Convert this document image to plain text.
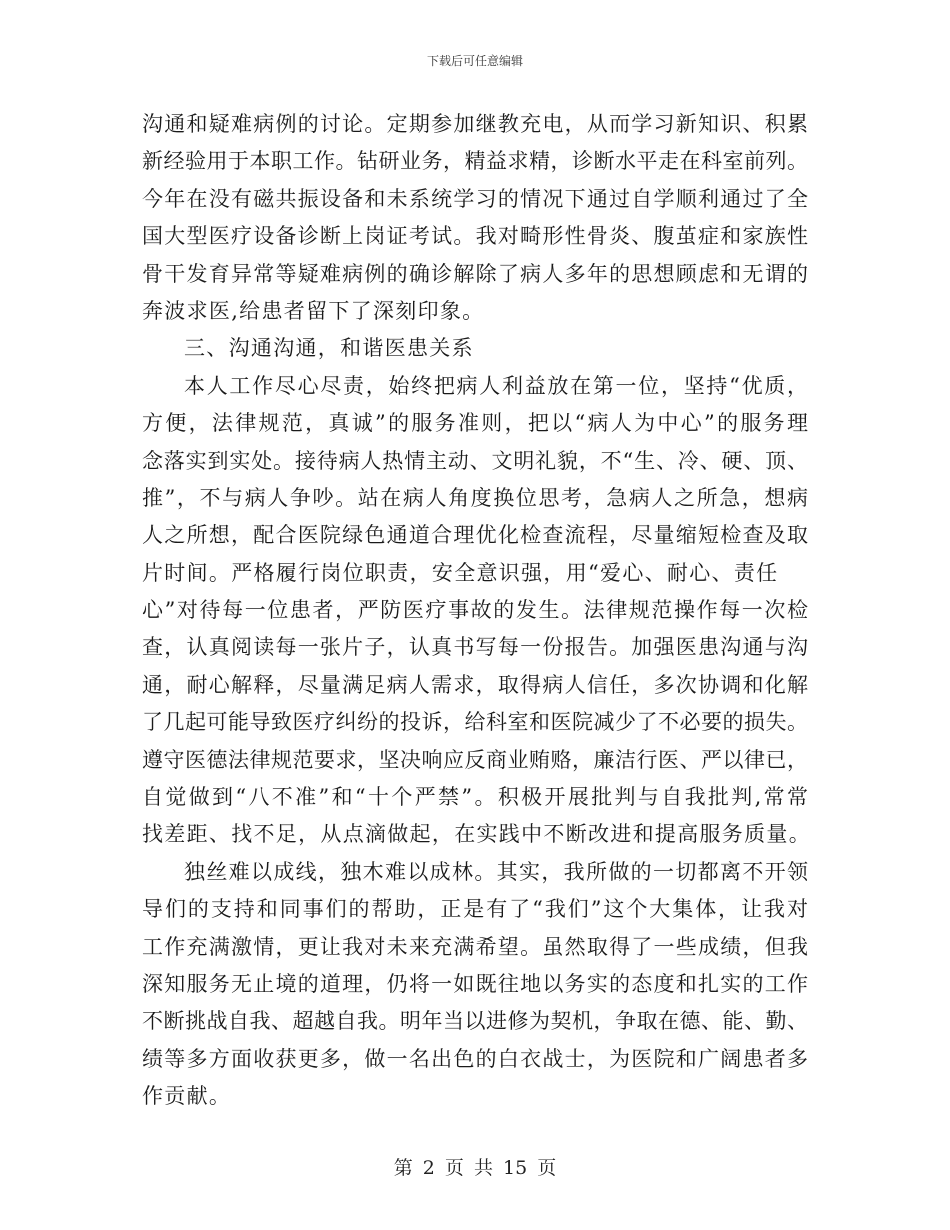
下载后可任意编辑
沟通和疑难病例的讨论。定期参加继教充电，从而学习新知识、积累
新经验用于本职工作。钻研业务，精益求精，诊断水平走在科室前列。
今年在没有磁共振设备和未系统学习的情况下通过自学顺利通过了全
国大型医疗设备诊断上岗证考试。我对畸形性骨炎、腹茧症和家族性
骨干发育异常等疑难病例的确诊解除了病人多年的思想顾虑和无谓的
奔波求医,给患者留下了深刻印象。
三、沟通沟通，和谐医患关系
本人工作尽心尽责，始终把病人利益放在第一位，坚持“优质，
方便，法律规范，真诚”的服务准则，把以“病人为中心”的服务理
念落实到实处。接待病人热情主动、文明礼貌，不“生、冷、硬、顶、
推”，不与病人争吵。站在病人角度换位思考，急病人之所急，想病
人之所想，配合医院绿色通道合理优化检查流程，尽量缩短检查及取
片时间。严格履行岗位职责，安全意识强，用“爱心、耐心、责任
心”对待每一位患者，严防医疗事故的发生。法律规范操作每一次检
查，认真阅读每一张片子，认真书写每一份报告。加强医患沟通与沟
通，耐心解释，尽量满足病人需求，取得病人信任，多次协调和化解
了几起可能导致医疗纠纷的投诉，给科室和医院减少了不必要的损失。
遵守医德法律规范要求，坚决响应反商业贿赂，廉洁行医、严以律已，
自觉做到“八不准”和“十个严禁”。积极开展批判与自我批判,常常
找差距、找不足，从点滴做起，在实践中不断改进和提高服务质量。
独丝难以成线，独木难以成林。其实，我所做的一切都离不开领
导们的支持和同事们的帮助，正是有了“我们”这个大集体，让我对
工作充满激情，更让我对未来充满希望。虽然取得了一些成绩，但我
深知服务无止境的道理，仍将一如既往地以务实的态度和扎实的工作
不断挑战自我、超越自我。明年当以进修为契机，争取在德、能、勤、
绩等多方面收获更多，做一名出色的白衣战士，为医院和广阔患者多
作贡献。
第 2 页 共 15 页
